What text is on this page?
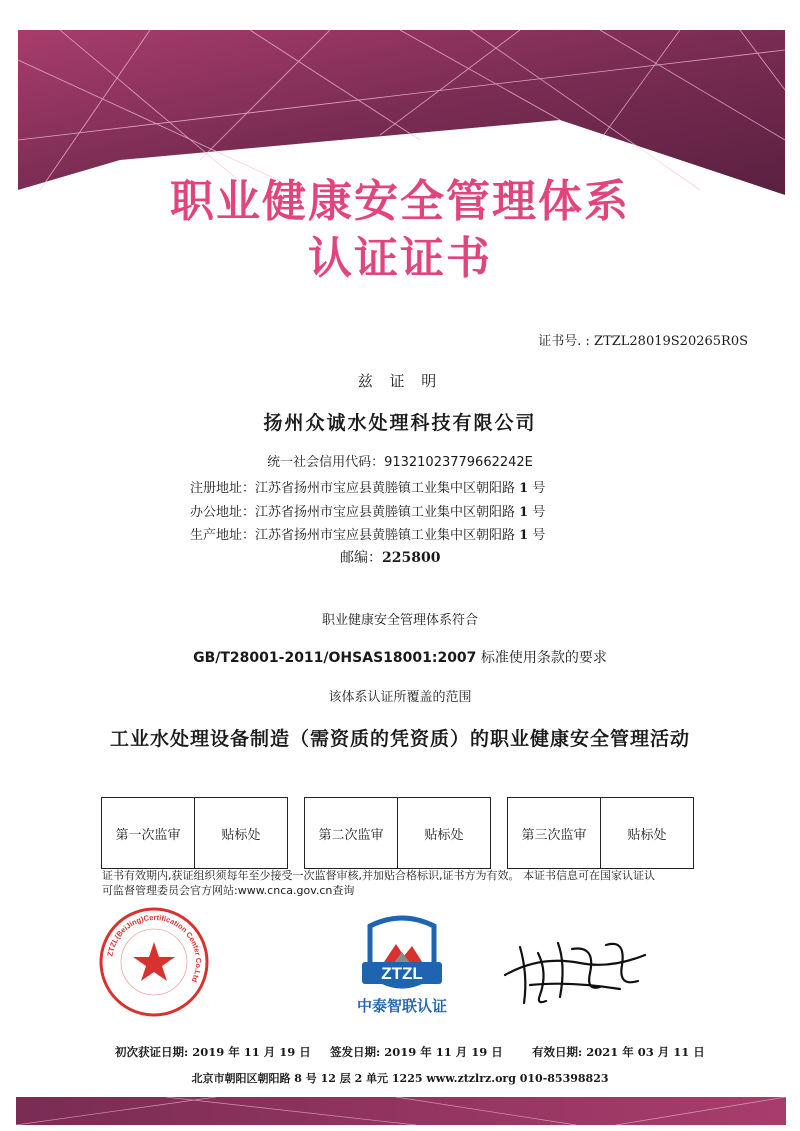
职业健康安全管理体系
认证证书
证书号. : ZTZL28019S20265R0S
兹 证 明
扬州众诚水处理科技有限公司
统一社会信用代码：91321023779662242E
注册地址：江苏省扬州市宝应县黄塍镇工业集中区朝阳路 1 号
办公地址：江苏省扬州市宝应县黄塍镇工业集中区朝阳路 1 号
生产地址：江苏省扬州市宝应县黄塍镇工业集中区朝阳路 1 号
邮编：225800
职业健康安全管理体系符合
GB/T28001-2011/OHSAS18001:2007 标准使用条款的要求
该体系认证所覆盖的范围
工业水处理设备制造（需资质的凭资质）的职业健康安全管理活动
第一次监审	贴标处	第二次监审	贴标处	第三次监审	贴标处
证书有效期内,获证组织须每年至少接受一次监督审核,并加贴合格标识,证书方为有效。 本证书信息可在国家认证认可监督管理委员会官方网站:www.cnca.gov.cn查询
ZTZL(BeiJing)Certification Center Co.Ltd	ZTZL
中泰智联认证
初次获证日期: 2019 年 11 月 19 日 签发日期: 2019 年 11 月 19 日	有效日期: 2021 年 03 月 11 日
北京市朝阳区朝阳路 8 号 12 层 2 单元 1225 www.ztzlrz.org 010-85398823
